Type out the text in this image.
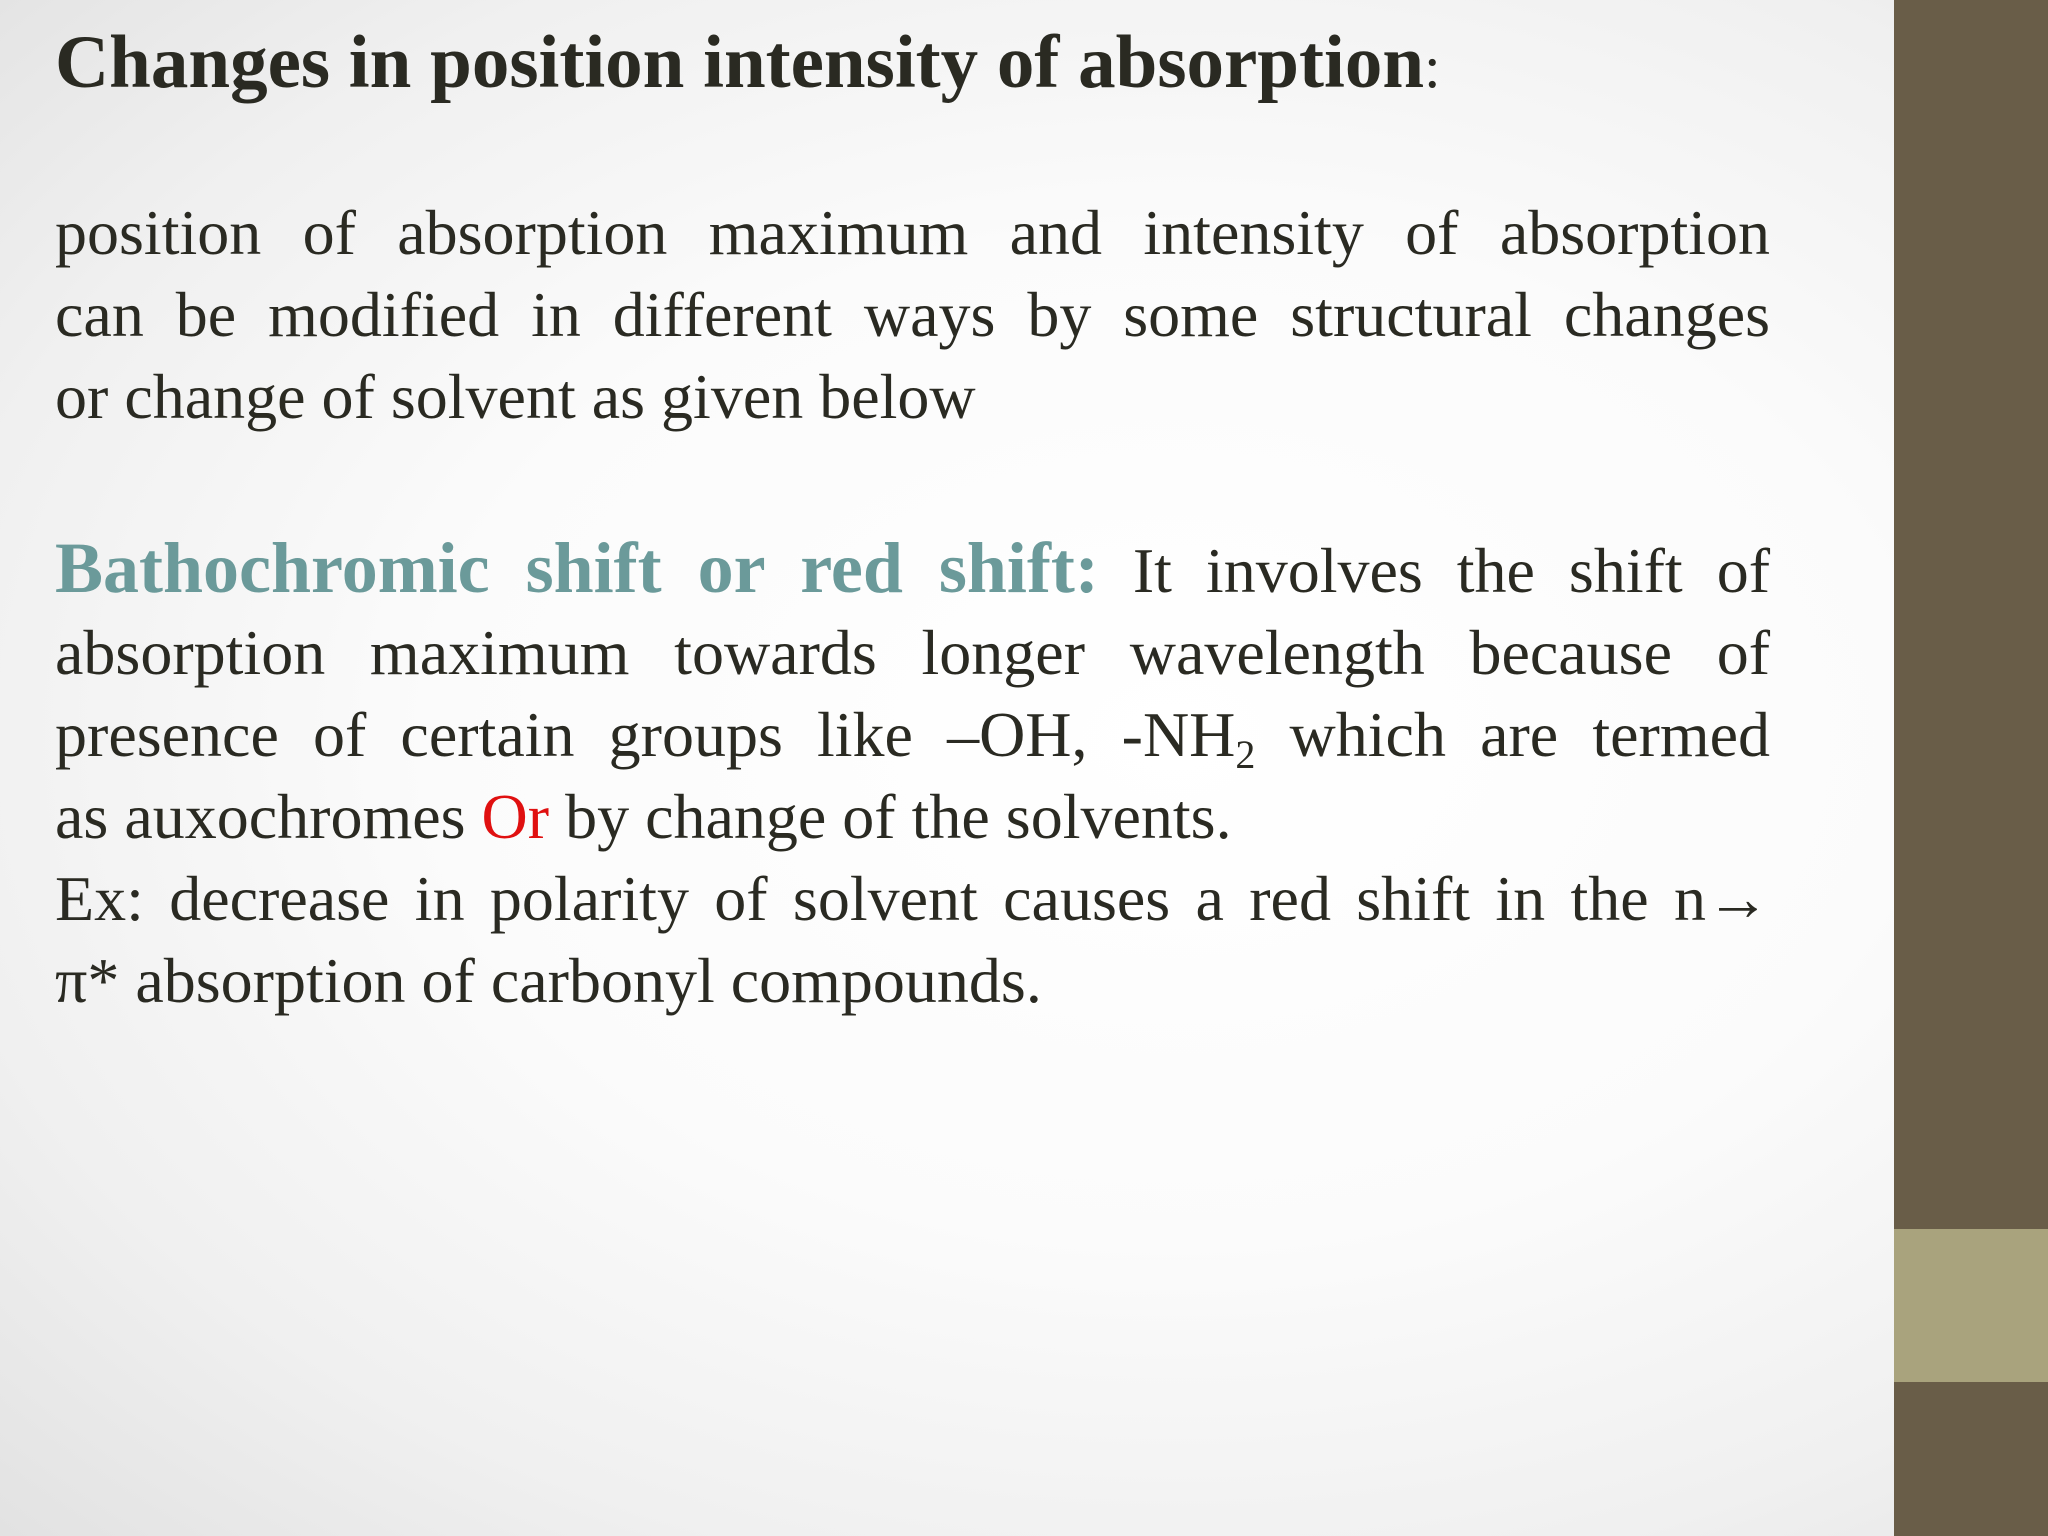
Changes in position intensity of absorption:

position of absorption maximum and intensity of absorption
can be modified in different ways by some structural changes
or change of solvent as given below

Bathochromic shift or red shift: It involves the shift of
absorption maximum towards longer wavelength because of
presence of certain groups like –OH, $-NH_2$ which are termed
as auxochromes Or by change of the solvents.
Ex: decrease in polarity of solvent causes a red shift in the n→
π* absorption of carbonyl compounds.
